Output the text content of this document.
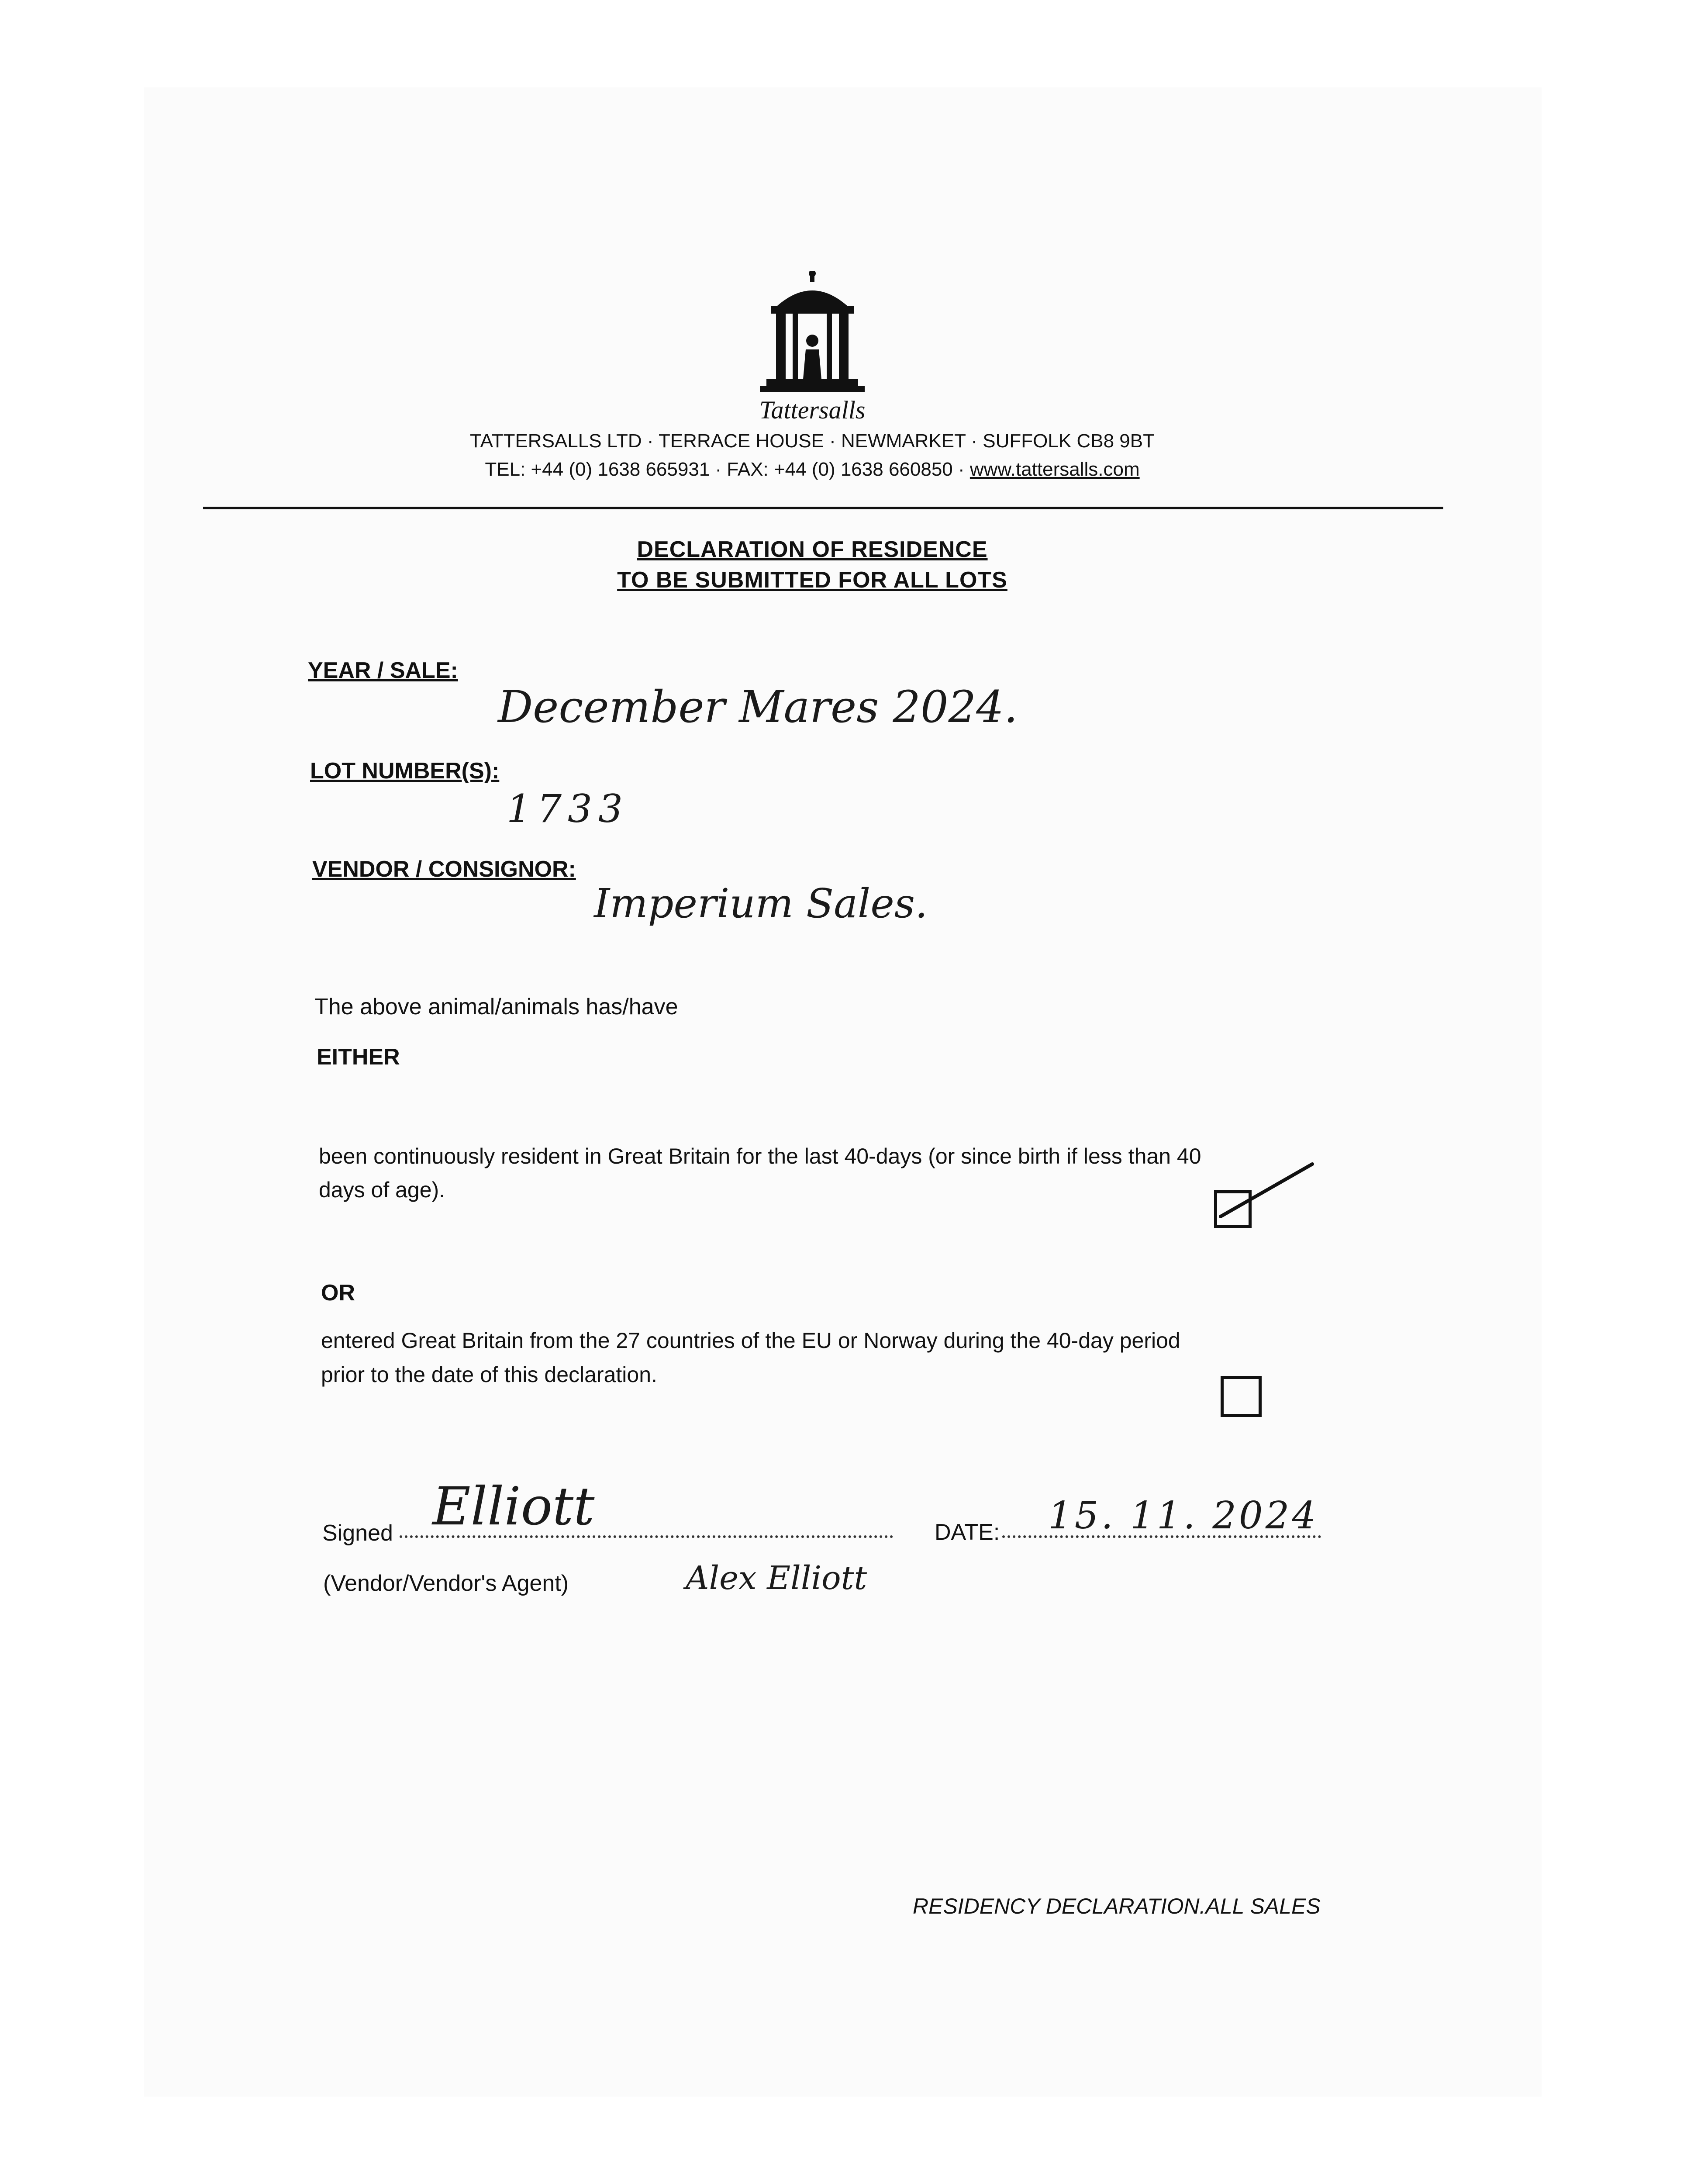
Tattersalls
TATTERSALLS LTD · TERRACE HOUSE · NEWMARKET · SUFFOLK CB8 9BT
TEL: +44 (0) 1638 665931 · FAX: +44 (0) 1638 660850 · www.tattersalls.com
DECLARATION OF RESIDENCE
TO BE SUBMITTED FOR ALL LOTS
YEAR / SALE:
December Mares 2024.
LOT NUMBER(S):
1733
VENDOR / CONSIGNOR:
Imperium Sales.
The above animal/animals has/have
EITHER
been continuously resident in Great Britain for the last 40-days (or since birth if less than 40
days of age).
OR
entered Great Britain from the 27 countries of the EU or Norway during the 40-day period
prior to the date of this declaration.
Signed Elliott	DATE: 15. 11. 2024
(Vendor/Vendor's Agent)	Alex Elliott
RESIDENCY DECLARATION.ALL SALES
